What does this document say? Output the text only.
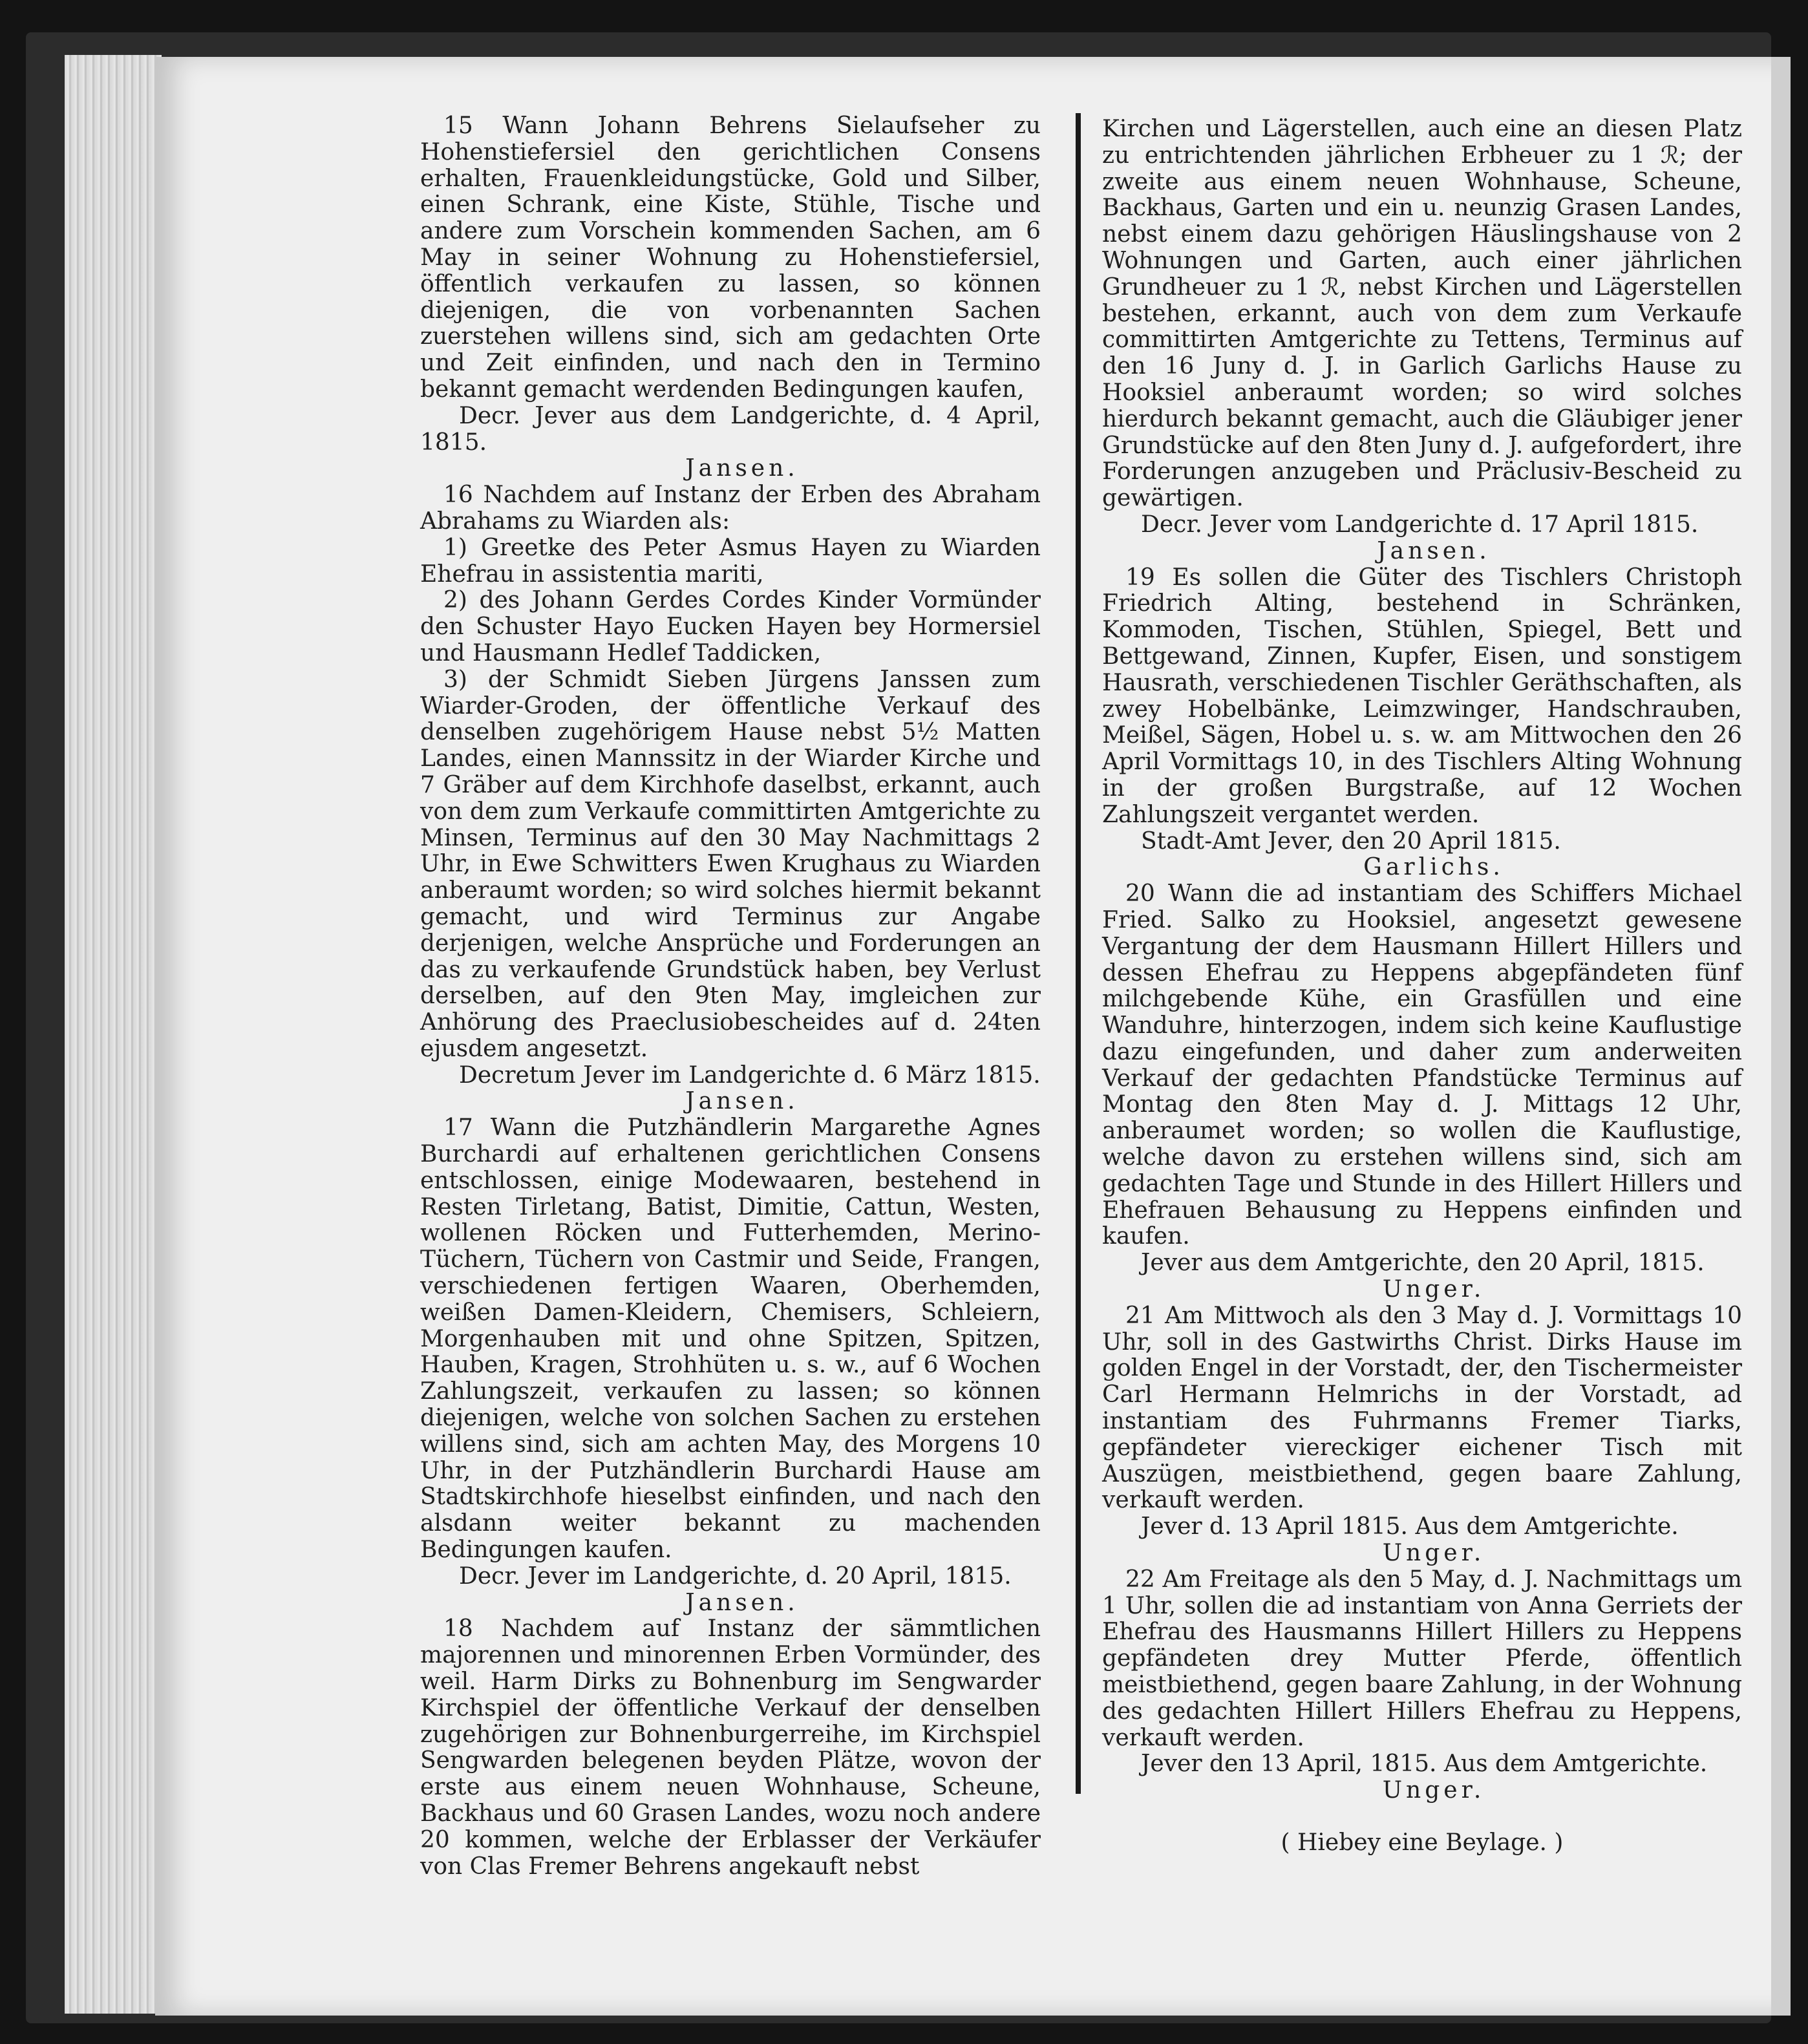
15 Wann Johann Behrens Sielaufseher zu Hohenstiefersiel den gerichtlichen Consens erhalten, Frauenkleidungstücke, Gold und Silber, einen Schrank, eine Kiste, Stühle, Tische und andere zum Vorschein kommenden Sachen, am 6 May in seiner Wohnung zu Hohenstiefersiel, öffentlich verkaufen zu lassen, so können diejenigen, die von vorbenannten Sachen zuerstehen willens sind, sich am gedachten Orte und Zeit einfinden, und nach den in Termino bekannt gemacht werdenden Bedingungen kaufen,

Decr. Jever aus dem Landgerichte, d. 4 April, 1815.

Jansen.

16 Nachdem auf Instanz der Erben des Abraham Abrahams zu Wiarden als:

1) Greetke des Peter Asmus Hayen zu Wiarden Ehefrau in assistentia mariti,

2) des Johann Gerdes Cordes Kinder Vormünder den Schuster Hayo Eucken Hayen bey Hormersiel und Hausmann Hedlef Taddicken,

3) der Schmidt Sieben Jürgens Janssen zum Wiarder-Groden, der öffentliche Verkauf des denselben zugehörigem Hause nebst 5½ Matten Landes, einen Mannssitz in der Wiarder Kirche und 7 Gräber auf dem Kirchhofe daselbst, erkannt, auch von dem zum Verkaufe committirten Amtgerichte zu Minsen, Terminus auf den 30 May Nachmittags 2 Uhr, in Ewe Schwitters Ewen Krughaus zu Wiarden anberaumt worden; so wird solches hiermit bekannt gemacht, und wird Terminus zur Angabe derjenigen, welche Ansprüche und Forderungen an das zu verkaufende Grundstück haben, bey Verlust derselben, auf den 9ten May, imgleichen zur Anhörung des Praeclusiobescheides auf d. 24ten ejusdem angesetzt.

Decretum Jever im Landgerichte d. 6 März 1815.

Jansen.

17 Wann die Putzhändlerin Margarethe Agnes Burchardi auf erhaltenen gerichtlichen Consens entschlossen, einige Modewaaren, bestehend in Resten Tirletang, Batist, Dimitie, Cattun, Westen, wollenen Röcken und Futterhemden, Merino-Tüchern, Tüchern von Castmir und Seide, Frangen, verschiedenen fertigen Waaren, Oberhemden, weißen Damen-Kleidern, Chemisers, Schleiern, Morgenhauben mit und ohne Spitzen, Spitzen, Hauben, Kragen, Strohhüten u. s. w., auf 6 Wochen Zahlungszeit, verkaufen zu lassen; so können diejenigen, welche von solchen Sachen zu erstehen willens sind, sich am achten May, des Morgens 10 Uhr, in der Putzhändlerin Burchardi Hause am Stadtskirchhofe hieselbst einfinden, und nach den alsdann weiter bekannt zu machenden Bedingungen kaufen.

Decr. Jever im Landgerichte, d. 20 April, 1815.

Jansen.

18 Nachdem auf Instanz der sämmtlichen majorennen und minorennen Erben Vormünder, des weil. Harm Dirks zu Bohnenburg im Sengwarder Kirchspiel der öffentliche Verkauf der denselben zugehörigen zur Bohnenburgerreihe, im Kirchspiel Sengwarden belegenen beyden Plätze, wovon der erste aus einem neuen Wohnhause, Scheune, Backhaus und 60 Grasen Landes, wozu noch andere 20 kommen, welche der Erblasser der Verkäufer von Clas Fremer Behrens angekauft nebst

Kirchen und Lägerstellen, auch eine an diesen Platz zu entrichtenden jährlichen Erbheuer zu 1 ℛ; der zweite aus einem neuen Wohnhause, Scheune, Backhaus, Garten und ein u. neunzig Grasen Landes, nebst einem dazu gehörigen Häuslingshause von 2 Wohnungen und Garten, auch einer jährlichen Grundheuer zu 1 ℛ, nebst Kirchen und Lägerstellen bestehen, erkannt, auch von dem zum Verkaufe committirten Amtgerichte zu Tettens, Terminus auf den 16 Juny d. J. in Garlich Garlichs Hause zu Hooksiel anberaumt worden; so wird solches hierdurch bekannt gemacht, auch die Gläubiger jener Grundstücke auf den 8ten Juny d. J. aufgefordert, ihre Forderungen anzugeben und Präclusiv-Bescheid zu gewärtigen.

Decr. Jever vom Landgerichte d. 17 April 1815.

Jansen.

19 Es sollen die Güter des Tischlers Christoph Friedrich Alting, bestehend in Schränken, Kommoden, Tischen, Stühlen, Spiegel, Bett und Bettgewand, Zinnen, Kupfer, Eisen, und sonstigem Hausrath, verschiedenen Tischler Geräthschaften, als zwey Hobelbänke, Leimzwinger, Handschrauben, Meißel, Sägen, Hobel u. s. w. am Mittwochen den 26 April Vormittags 10, in des Tischlers Alting Wohnung in der großen Burgstraße, auf 12 Wochen Zahlungszeit vergantet werden.

Stadt-Amt Jever, den 20 April 1815.

Garlichs.

20 Wann die ad instantiam des Schiffers Michael Fried. Salko zu Hooksiel, angesetzt gewesene Vergantung der dem Hausmann Hillert Hillers und dessen Ehefrau zu Heppens abgepfändeten fünf milchgebende Kühe, ein Grasfüllen und eine Wanduhre, hinterzogen, indem sich keine Kauflustige dazu eingefunden, und daher zum anderweiten Verkauf der gedachten Pfandstücke Terminus auf Montag den 8ten May d. J. Mittags 12 Uhr, anberaumet worden; so wollen die Kauflustige, welche davon zu erstehen willens sind, sich am gedachten Tage und Stunde in des Hillert Hillers und Ehefrauen Behausung zu Heppens einfinden und kaufen.

Jever aus dem Amtgerichte, den 20 April, 1815.

Unger.

21 Am Mittwoch als den 3 May d. J. Vormittags 10 Uhr, soll in des Gastwirths Christ. Dirks Hause im golden Engel in der Vorstadt, der, den Tischermeister Carl Hermann Helmrichs in der Vorstadt, ad instantiam des Fuhrmanns Fremer Tiarks, gepfändeter viereckiger eichener Tisch mit Auszügen, meistbiethend, gegen baare Zahlung, verkauft werden.

Jever d. 13 April 1815. Aus dem Amtgerichte.

Unger.

22 Am Freitage als den 5 May, d. J. Nachmittags um 1 Uhr, sollen die ad instantiam von Anna Gerriets der Ehefrau des Hausmanns Hillert Hillers zu Heppens gepfändeten drey Mutter Pferde, öffentlich meistbiethend, gegen baare Zahlung, in der Wohnung des gedachten Hillert Hillers Ehefrau zu Heppens, verkauft werden.

Jever den 13 April, 1815. Aus dem Amtgerichte.

Unger.

( Hiebey eine Beylage. )
